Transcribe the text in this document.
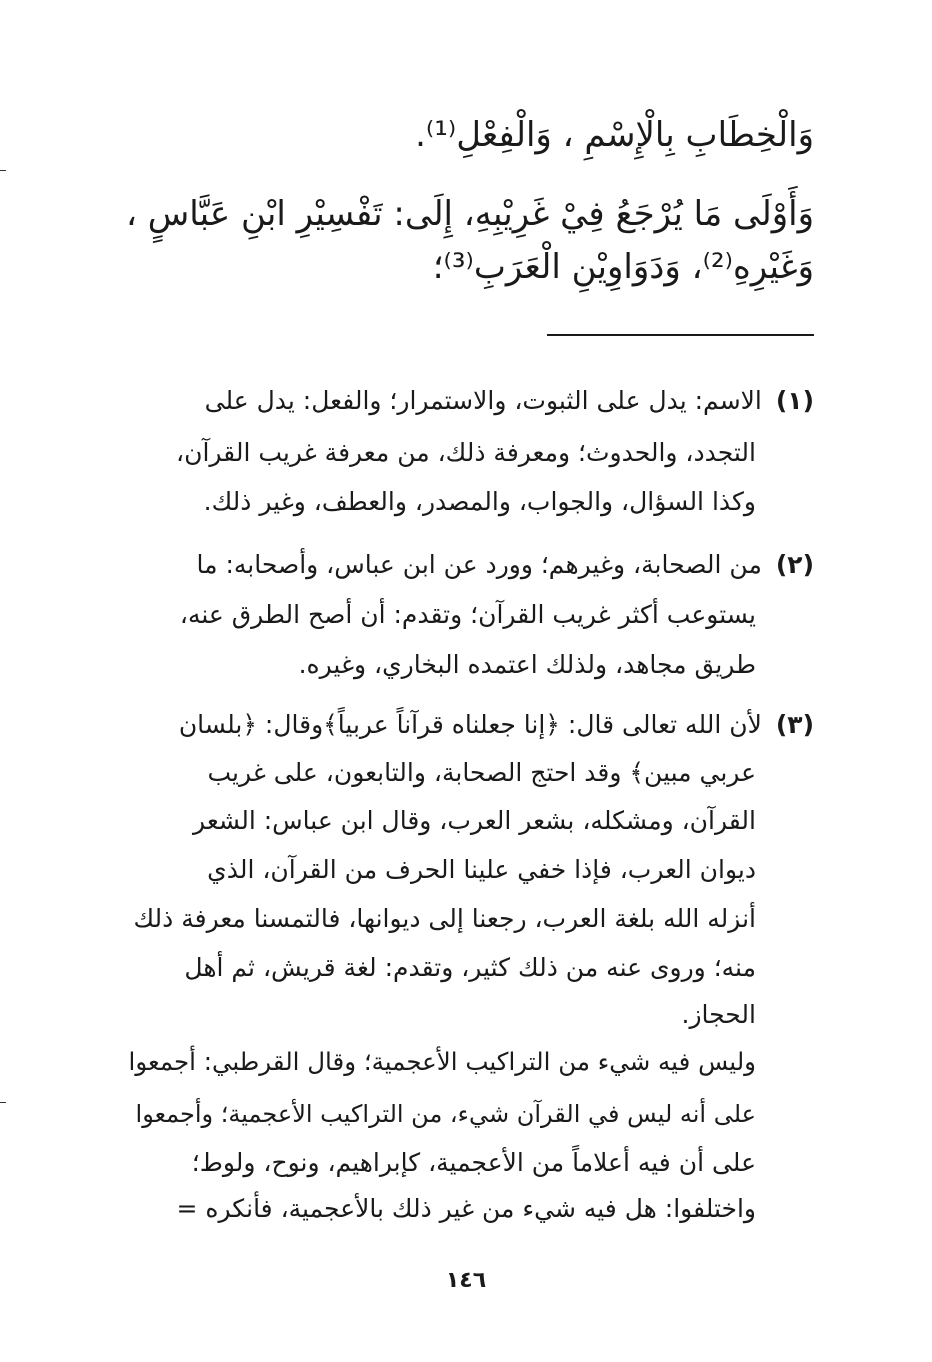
وَالْخِطَابِ بِالْإِسْمِ ، وَالْفِعْلِ⁽¹⁾.
وَأَوْلَى مَا يُرْجَعُ فِيْ غَرِيْبِهِ، إِلَى: تَفْسِيْرِ ابْنِ عَبَّاسٍ ،
وَغَيْرِهِ⁽²⁾، وَدَوَاوِيْنِ الْعَرَبِ⁽³⁾؛
(١)الاسم: يدل على الثبوت، والاستمرار؛ والفعل: يدل على
التجدد، والحدوث؛ ومعرفة ذلك، من معرفة غريب القرآن،
وكذا السؤال، والجواب، والمصدر، والعطف، وغير ذلك.
(٢)من الصحابة، وغيرهم؛ وورد عن ابن عباس، وأصحابه: ما
يستوعب أكثر غريب القرآن؛ وتقدم: أن أصح الطرق عنه،
طريق مجاهد، ولذلك اعتمده البخاري، وغيره.
(٣)لأن الله تعالى قال: ﴿إنا جعلناه قرآناً عربياً﴾وقال: ﴿بلسان
عربي مبين﴾ وقد احتج الصحابة، والتابعون، على غريب
القرآن، ومشكله، بشعر العرب، وقال ابن عباس: الشعر
ديوان العرب، فإذا خفي علينا الحرف من القرآن، الذي
أنزله الله بلغة العرب، رجعنا إلى ديوانها، فالتمسنا معرفة ذلك
منه؛ وروى عنه من ذلك كثير، وتقدم: لغة قريش، ثم أهل
الحجاز.
وليس فيه شيء من التراكيب الأعجمية؛ وقال القرطبي: أجمعوا
على أنه ليس في القرآن شيء، من التراكيب الأعجمية؛ وأجمعوا
على أن فيه أعلاماً من الأعجمية، كإبراهيم، ونوح، ولوط؛
واختلفوا: هل فيه شيء من غير ذلك بالأعجمية، فأنكره =
١٤٦
